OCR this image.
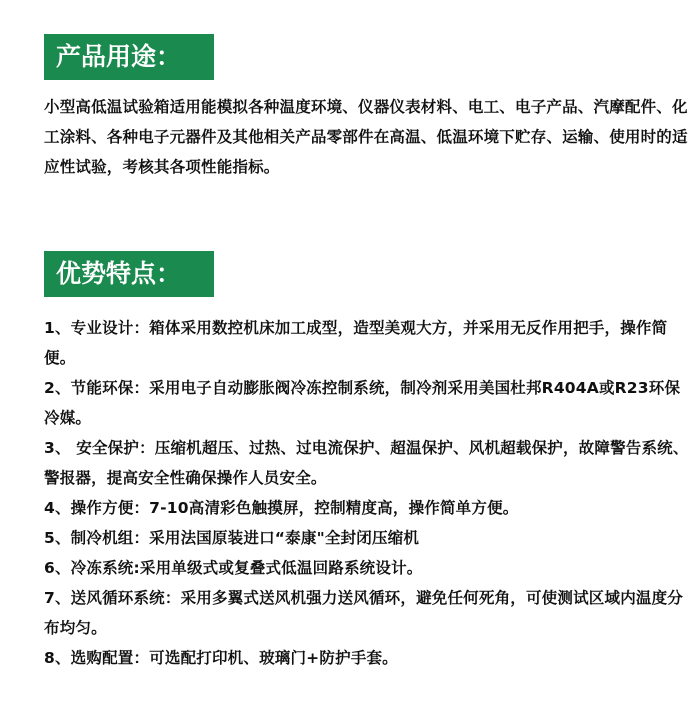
产品用途：

小型高低温试验箱适用能模拟各种温度环境、仪器仪表材料、电工、电子产品、汽摩配件、化工涂料、各种电子元器件及其他相关产品零部件在高温、低温环境下贮存、运输、使用时的适应性试验，考核其各项性能指标。

优势特点：
1、专业设计：箱体采用数控机床加工成型，造型美观大方，并采用无反作用把手，操作简便。
2、节能环保：采用电子自动膨胀阀冷冻控制系统，制冷剂采用美国杜邦R404A或R23环保冷媒。
3、 安全保护：压缩机超压、过热、过电流保护、超温保护、风机超载保护，故障警告系统、警报器，提高安全性确保操作人员安全。
4、操作方便：7-10高清彩色触摸屏，控制精度高，操作简单方便。
5、制冷机组：采用法国原装进口“泰康"全封闭压缩机
6、冷冻系统:采用单级式或复叠式低温回路系统设计。
7、送风循环系统：采用多翼式送风机强力送风循环，避免任何死角，可使测试区域内温度分布均匀。
8、选购配置：可选配打印机、玻璃门+防护手套。
